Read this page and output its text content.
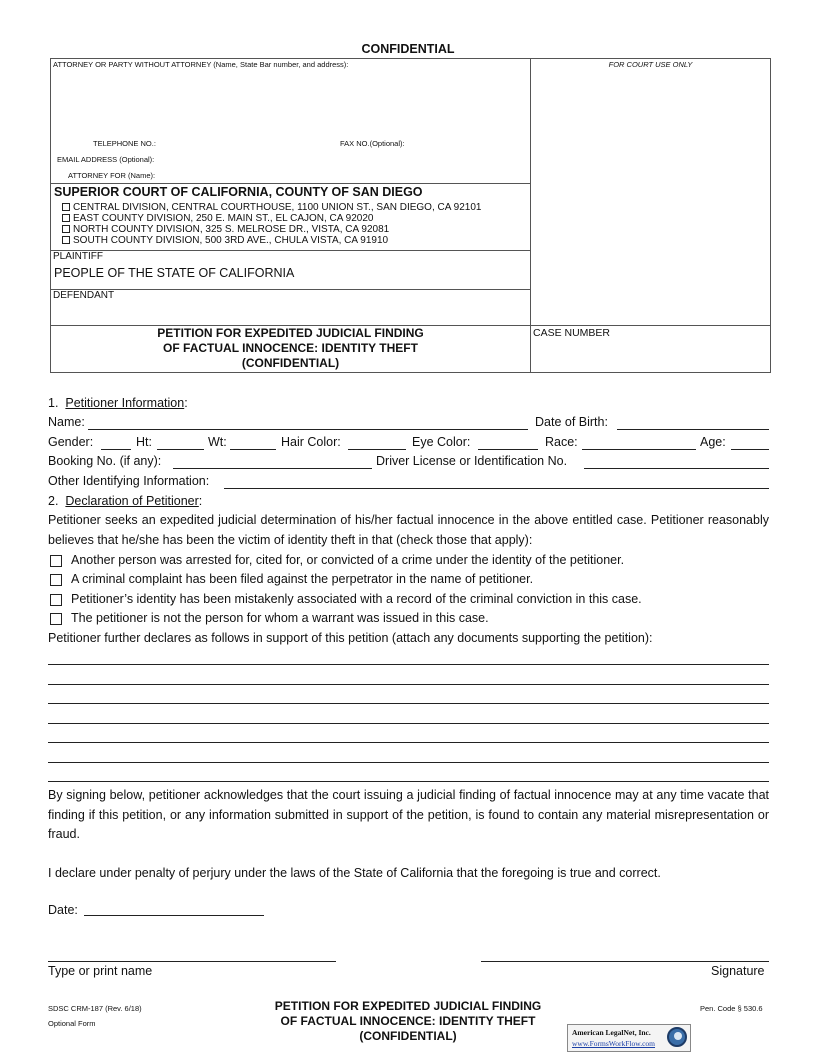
CONFIDENTIAL
ATTORNEY OR PARTY WITHOUT ATTORNEY (Name, State Bar number, and address):	FOR COURT USE ONLY
TELEPHONE NO.:	FAX NO.(Optional):
EMAIL ADDRESS (Optional):
ATTORNEY FOR (Name):
SUPERIOR COURT OF CALIFORNIA, COUNTY OF SAN DIEGO
CENTRAL DIVISION, CENTRAL COURTHOUSE, 1100 UNION ST., SAN DIEGO, CA 92101
EAST COUNTY DIVISION, 250 E. MAIN ST., EL CAJON, CA 92020
NORTH COUNTY DIVISION, 325 S. MELROSE DR., VISTA, CA 92081
SOUTH COUNTY DIVISION, 500 3RD AVE., CHULA VISTA, CA 91910
PLAINTIFF
PEOPLE OF THE STATE OF CALIFORNIA
DEFENDANT
PETITION FOR EXPEDITED JUDICIAL FINDING
OF FACTUAL INNOCENCE: IDENTITY THEFT
(CONFIDENTIAL)
CASE NUMBER
1. Petitioner Information:
Name:	Date of Birth:
Gender:	Ht:	Wt:	Hair Color:	Eye Color:	Race:	Age:
Booking No. (if any):	Driver License or Identification No.
Other Identifying Information:
2. Declaration of Petitioner:
Petitioner seeks an expedited judicial determination of his/her factual innocence in the above entitled case. Petitioner reasonably believes that he/she has been the victim of identity theft in that (check those that apply):
Another person was arrested for, cited for, or convicted of a crime under the identity of the petitioner.
A criminal complaint has been filed against the perpetrator in the name of petitioner.
Petitioner’s identity has been mistakenly associated with a record of the criminal conviction in this case.
The petitioner is not the person for whom a warrant was issued in this case.
Petitioner further declares as follows in support of this petition (attach any documents supporting the petition):
By signing below, petitioner acknowledges that the court issuing a judicial finding of factual innocence may at any time vacate that finding if this petition, or any information submitted in support of the petition, is found to contain any material misrepresentation or fraud.
I declare under penalty of perjury under the laws of the State of California that the foregoing is true and correct.
Date:
Type or print name	Signature
SDSC CRM-187 (Rev. 6/18)
Optional Form
PETITION FOR EXPEDITED JUDICIAL FINDING
OF FACTUAL INNOCENCE: IDENTITY THEFT
(CONFIDENTIAL)
Pen. Code § 530.6
American LegalNet, Inc.
www.FormsWorkFlow.com
